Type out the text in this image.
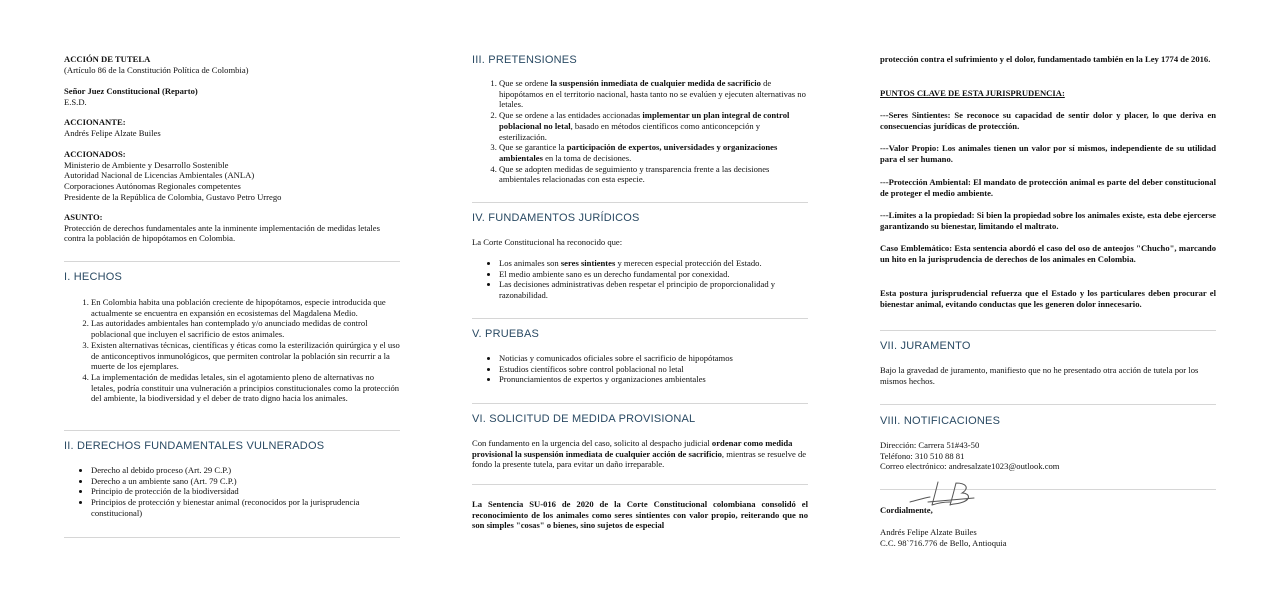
ACCIÓN DE TUTELA

(Artículo 86 de la Constitución Política de Colombia)

Señor Juez Constitucional (Reparto)

E.S.D.

ACCIONANTE:

Andrés Felipe Alzate Builes

ACCIONADOS:

Ministerio de Ambiente y Desarrollo Sostenible

Autoridad Nacional de Licencias Ambientales (ANLA)

Corporaciones Autónomas Regionales competentes

Presidente de la República de Colombia, Gustavo Petro Urrego

ASUNTO:

Protección de derechos fundamentales ante la inminente implementación de medidas letales contra la población de hipopótamos en Colombia.

I. HECHOS

1. En Colombia habita una población creciente de hipopótamos, especie introducida que actualmente se encuentra en expansión en ecosistemas del Magdalena Medio.
2. Las autoridades ambientales han contemplado y/o anunciado medidas de control poblacional que incluyen el sacrificio de estos animales.
3. Existen alternativas técnicas, científicas y éticas como la esterilización quirúrgica y el uso de anticonceptivos inmunológicos, que permiten controlar la población sin recurrir a la muerte de los ejemplares.
4. La implementación de medidas letales, sin el agotamiento pleno de alternativas no letales, podría constituir una vulneración a principios constitucionales como la protección del ambiente, la biodiversidad y el deber de trato digno hacia los animales.

II. DERECHOS FUNDAMENTALES VULNERADOS

• Derecho al debido proceso (Art. 29 C.P.)
• Derecho a un ambiente sano (Art. 79 C.P.)
• Principio de protección de la biodiversidad
• Principios de protección y bienestar animal (reconocidos por la jurisprudencia constitucional)

III. PRETENSIONES

1. Que se ordene la suspensión inmediata de cualquier medida de sacrificio de hipopótamos en el territorio nacional, hasta tanto no se evalúen y ejecuten alternativas no letales.
2. Que se ordene a las entidades accionadas implementar un plan integral de control poblacional no letal, basado en métodos científicos como anticoncepción y esterilización.
3. Que se garantice la participación de expertos, universidades y organizaciones ambientales en la toma de decisiones.
4. Que se adopten medidas de seguimiento y transparencia frente a las decisiones ambientales relacionadas con esta especie.

IV. FUNDAMENTOS JURÍDICOS

La Corte Constitucional ha reconocido que:

• Los animales son seres sintientes y merecen especial protección del Estado.
• El medio ambiente sano es un derecho fundamental por conexidad.
• Las decisiones administrativas deben respetar el principio de proporcionalidad y razonabilidad.

V. PRUEBAS

• Noticias y comunicados oficiales sobre el sacrificio de hipopótamos
• Estudios científicos sobre control poblacional no letal
• Pronunciamientos de expertos y organizaciones ambientales

VI. SOLICITUD DE MEDIDA PROVISIONAL

Con fundamento en la urgencia del caso, solicito al despacho judicial ordenar como medida provisional la suspensión inmediata de cualquier acción de sacrificio, mientras se resuelve de fondo la presente tutela, para evitar un daño irreparable.

La Sentencia SU-016 de 2020 de la Corte Constitucional colombiana consolidó el reconocimiento de los animales como seres sintientes con valor propio, reiterando que no son simples "cosas" o bienes, sino sujetos de especial

protección contra el sufrimiento y el dolor, fundamentado también en la Ley 1774 de 2016.

PUNTOS CLAVE DE ESTA JURISPRUDENCIA:

---Seres Sintientes: Se reconoce su capacidad de sentir dolor y placer, lo que deriva en consecuencias jurídicas de protección.

---Valor Propio: Los animales tienen un valor por sí mismos, independiente de su utilidad para el ser humano.

---Protección Ambiental: El mandato de protección animal es parte del deber constitucional de proteger el medio ambiente.

---Límites a la propiedad: Si bien la propiedad sobre los animales existe, esta debe ejercerse garantizando su bienestar, limitando el maltrato.

Caso Emblemático: Esta sentencia abordó el caso del oso de anteojos "Chucho", marcando un hito en la jurisprudencia de derechos de los animales en Colombia.

Esta postura jurisprudencial refuerza que el Estado y los particulares deben procurar el bienestar animal, evitando conductas que les generen dolor innecesario.

VII. JURAMENTO

Bajo la gravedad de juramento, manifiesto que no he presentado otra acción de tutela por los mismos hechos.

VIII. NOTIFICACIONES

Dirección: Carrera 51#43-50

Teléfono: 310 510 88 81

Correo electrónico: andresalzate1023@outlook.com

Cordialmente,

Andrés Felipe Alzate Builes

C.C. 98`716.776 de Bello, Antioquia
